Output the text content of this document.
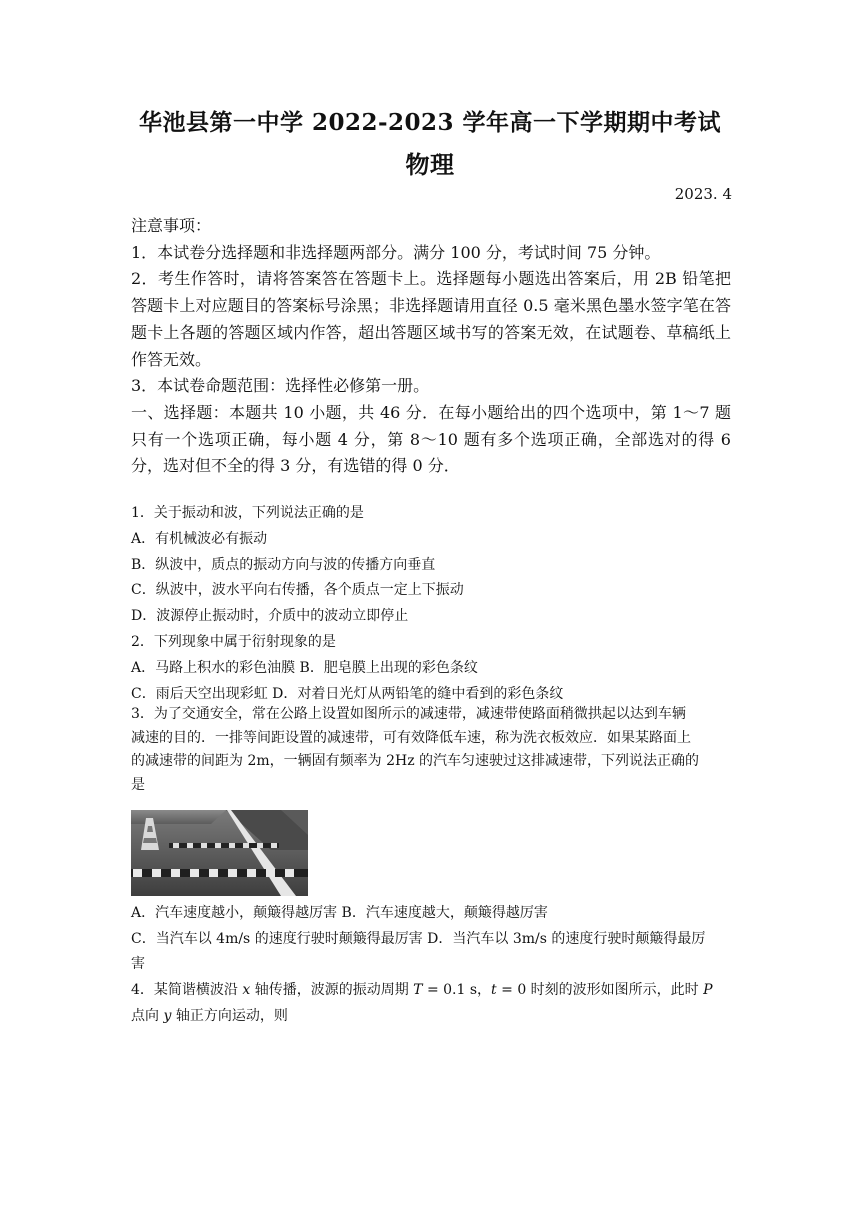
华池县第一中学 2022-2023 学年高一下学期期中考试
物理
2023. 4

注意事项：

1．本试卷分选择题和非选择题两部分。满分 100 分，考试时间 75 分钟。

2．考生作答时，请将答案答在答题卡上。选择题每小题选出答案后，用 2B 铅笔把答题卡上对应题目的答案标号涂黑；非选择题请用直径 0.5 毫米黑色墨水签字笔在答题卡上各题的答题区域内作答，超出答题区域书写的答案无效，在试题卷、草稿纸上作答无效。

3．本试卷命题范围：选择性必修第一册。

一、选择题：本题共 10 小题，共 46 分．在每小题给出的四个选项中，第 1～7 题只有一个选项正确，每小题 4 分，第 8～10 题有多个选项正确，全部选对的得 6 分，选对但不全的得 3 分，有选错的得 0 分．

1．关于振动和波，下列说法正确的是

A．有机械波必有振动

B．纵波中，质点的振动方向与波的传播方向垂直

C．纵波中，波水平向右传播，各个质点一定上下振动

D．波源停止振动时，介质中的波动立即停止

2．下列现象中属于衍射现象的是

A．马路上积水的彩色油膜 B．肥皂膜上出现的彩色条纹

C．雨后天空出现彩虹 D．对着日光灯从两铅笔的缝中看到的彩色条纹

3．为了交通安全，常在公路上设置如图所示的减速带，减速带使路面稍微拱起以达到车辆

减速的目的．一排等间距设置的减速带，可有效降低车速，称为洗衣板效应．如果某路面上

的减速带的间距为 2m，一辆固有频率为 2Hz 的汽车匀速驶过这排减速带，下列说法正确的

是

A．汽车速度越小，颠簸得越厉害 B．汽车速度越大，颠簸得越厉害

C．当汽车以 4m/s 的速度行驶时颠簸得最厉害 D．当汽车以 3m/s 的速度行驶时颠簸得最厉

害

4．某简谐横波沿 x 轴传播，波源的振动周期 T = 0.1 s，t = 0 时刻的波形如图所示，此时 P

点向 y 轴正方向运动，则
